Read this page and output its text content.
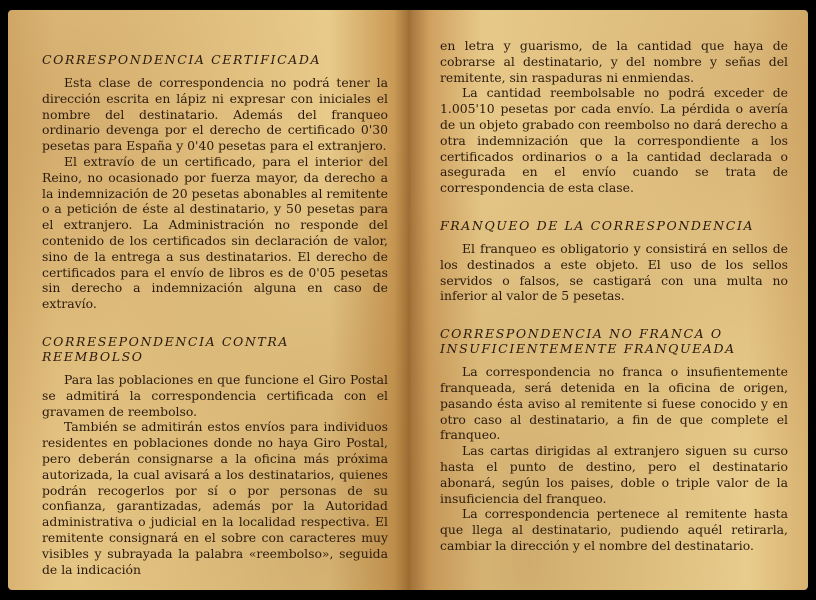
CORRESPONDENCIA CERTIFICADA

Esta clase de correspondencia no podrá tener la dirección escrita en lápiz ni expresar con iniciales el nombre del destinatario. Además del franqueo ordinario devenga por el derecho de certificado 0'30 pesetas para España y 0'40 pesetas para el extranjero.

El extravío de un certificado, para el interior del Reino, no ocasionado por fuerza mayor, da derecho a la indemnización de 20 pesetas abonables al remitente o a petición de éste al destinatario, y 50 pesetas para el extranjero. La Administración no responde del contenido de los certificados sin declaración de valor, sino de la entrega a sus destinatarios. El derecho de certificados para el envío de libros es de 0'05 pesetas sin derecho a indemnización alguna en caso de extravío.

CORRESEPONDENCIA CONTRA REEMBOLSO

Para las poblaciones en que funcione el Giro Postal se admitirá la correspondencia certificada con el gravamen de reembolso.

También se admitirán estos envíos para individuos residentes en poblaciones donde no haya Giro Postal, pero deberán consignarse a la oficina más próxima autorizada, la cual avisará a los destinatarios, quienes podrán recogerlos por sí o por personas de su confianza, garantizadas, además por la Autoridad administrativa o judicial en la localidad respectiva. El remitente consignará en el sobre con caracteres muy visibles y subrayada la palabra «reembolso», seguida de la indicación

en letra y guarismo, de la cantidad que haya de cobrarse al destinatario, y del nombre y señas del remitente, sin raspaduras ni enmiendas.

La cantidad reembolsable no podrá exceder de 1.005'10 pesetas por cada envío. La pérdida o avería de un objeto grabado con reembolso no dará derecho a otra indemnización que la correspondiente a los certificados ordinarios o a la cantidad declarada o asegurada en el envío cuando se trata de correspondencia de esta clase.

FRANQUEO DE LA CORRESPONDENCIA

El franqueo es obligatorio y consistirá en sellos de los destinados a este objeto. El uso de los sellos servidos o falsos, se castigará con una multa no inferior al valor de 5 pesetas.

CORRESPONDENCIA NO FRANCA O INSUFICIENTEMENTE FRANQUEADA

La correspondencia no franca o insufientemente franqueada, será detenida en la oficina de origen, pasando ésta aviso al remitente si fuese conocido y en otro caso al destinatario, a fin de que complete el franqueo.

Las cartas dirigidas al extranjero siguen su curso hasta el punto de destino, pero el destinatario abonará, según los paises, doble o triple valor de la insuficiencia del franqueo.

La correspondencia pertenece al remitente hasta que llega al destinatario, pudiendo aquél retirarla, cambiar la dirección y el nombre del destinatario.
